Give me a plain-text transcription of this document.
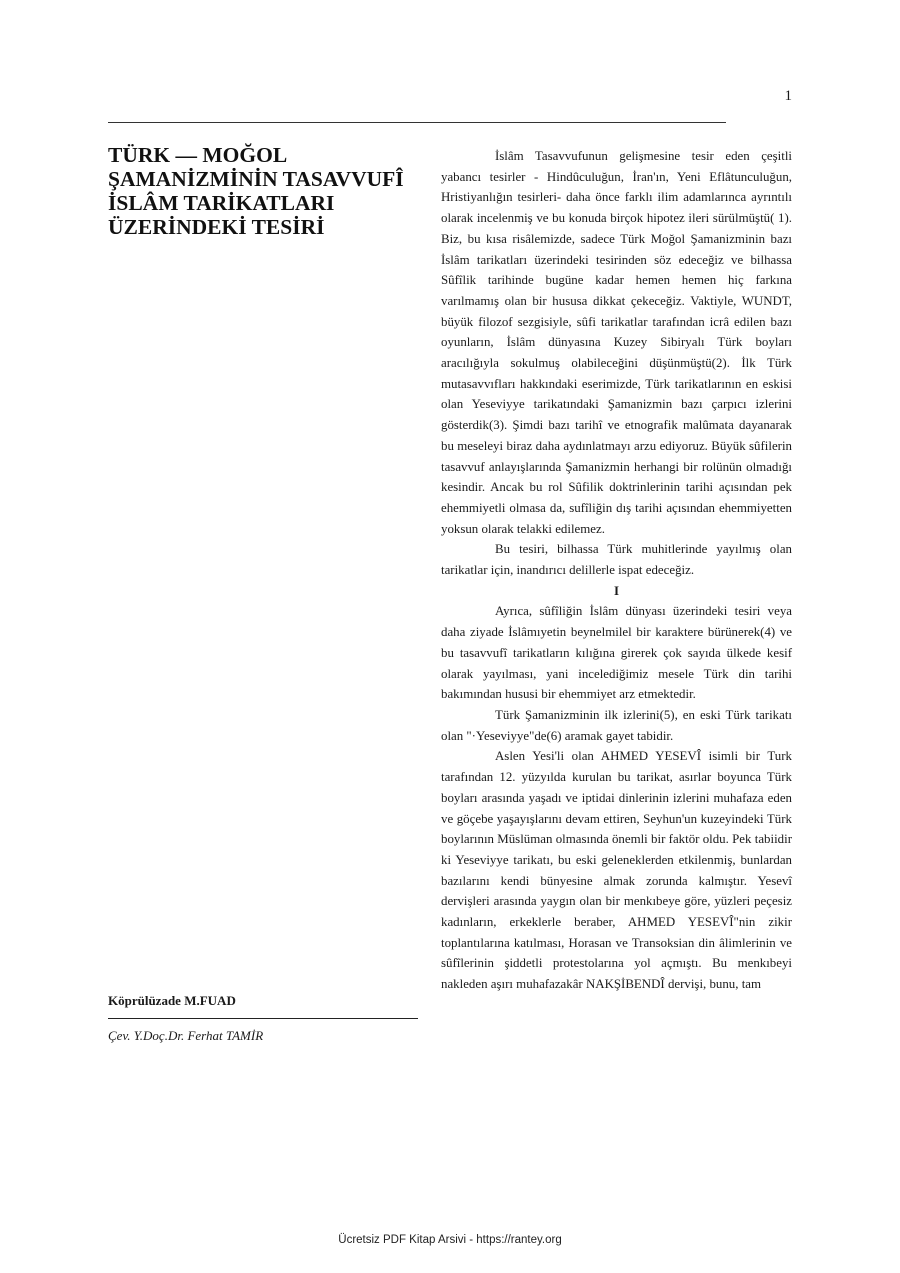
1
TÜRK — MOĞOL
ŞAMANİZMİNİN TASAVVUFÎ
İSLÂM TARİKATLARI
ÜZERİNDEKİ TESİRİ
Köprülüzade M.FUAD
Çev. Y.Doç.Dr. Ferhat TAMİR

İslâm Tasavvufunun gelişmesine tesir eden çeşitli yabancı tesirler - Hindûculuğun, İran'ın, Yeni Eflâtunculuğun, Hristiyanlığın tesirleri- daha önce farklı ilim adamlarınca ayrıntılı olarak incelenmiş ve bu konuda birçok hipotez ileri sürülmüştü( 1). Biz, bu kısa risâlemizde, sadece Türk Moğol Şamanizminin bazı İslâm tarikatları üzerindeki tesirinden söz edeceğiz ve bilhassa Sûfîlik tarihinde bugüne kadar hemen hemen hiç farkına varılmamış olan bir hususa dikkat çekeceğiz. Vaktiyle, WUNDT, büyük filozof sezgisiyle, sûfi tarikatlar tarafından icrâ edilen bazı oyunların, İslâm dünyasına Kuzey Sibiryalı Türk boyları aracılığıyla sokulmuş olabileceğini düşünmüştü(2). İlk Türk mutasavvıfları hakkındaki eserimizde, Türk tarikatlarının en eskisi olan Yeseviyye tarikatındaki Şamanizmin bazı çarpıcı izlerini gösterdik(3). Şimdi bazı tarihî ve etnografik malûmata dayanarak bu meseleyi biraz daha aydınlatmayı arzu ediyoruz. Büyük sûfilerin tasavvuf anlayışlarında Şamanizmin herhangi bir rolünün olmadığı kesindir. Ancak bu rol Sûfilik doktrinlerinin tarihi açısından pek ehemmiyetli olmasa da, sufîliğin dış tarihi açısından ehemmiyetten yoksun olarak telakki edilemez.

Bu tesiri, bilhassa Türk muhitlerinde yayılmış olan tarikatlar için, inandırıcı delillerle ispat edeceğiz.

I

Ayrıca, sûfîliğin İslâm dünyası üzerindeki tesiri veya daha ziyade İslâmıyetin beynelmilel bir karaktere bürünerek(4) ve bu tasavvufî tarikatların kılığına girerek çok sayıda ülkede kesif olarak yayılması, yani incelediğimiz mesele Türk din tarihi bakımından hususi bir ehemmiyet arz etmektedir.

Türk Şamanizminin ilk izlerini(5), en eski Türk tarikatı olan "·Yeseviyye"de(6) aramak gayet tabidir.

Aslen Yesi'li olan AHMED YESEVÎ isimli bir Turk tarafından 12. yüzyılda kurulan bu tarikat, asırlar boyunca Türk boyları arasında yaşadı ve iptidai dinlerinin izlerini muhafaza eden ve göçebe yaşayışlarını devam ettiren, Seyhun'un kuzeyindeki Türk boylarının Müslüman olmasında önemli bir faktör oldu. Pek tabiidir ki Yeseviyye tarikatı, bu eski geleneklerden etkilenmiş, bunlardan bazılarını kendi bünyesine almak zorunda kalmıştır. Yesevî dervişleri arasında yaygın olan bir menkıbeye göre, yüzleri peçesiz kadınların, erkeklerle beraber, AHMED YESEVÎ"nin zikir toplantılarına katılması, Horasan ve Transoksian din âlimlerinin ve sûfîlerinin şiddetli protestolarına yol açmıştı. Bu menkıbeyi nakleden aşırı muhafazakâr NAKŞİBENDÎ dervişi, bunu, tam

Ücretsiz PDF Kitap Arsivi - https://rantey.org
